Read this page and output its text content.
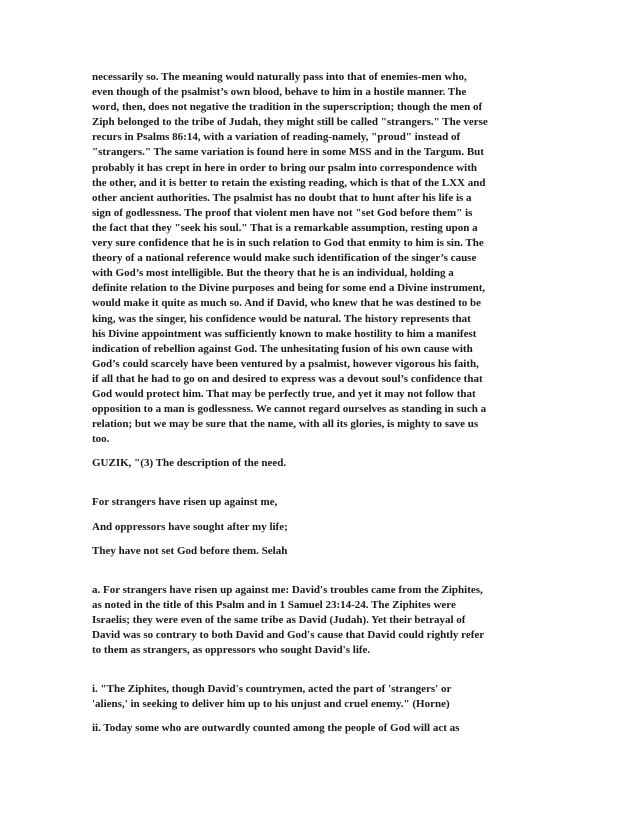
necessarily so. The meaning would naturally pass into that of enemies-men who,
even though of the psalmist’s own blood, behave to him in a hostile manner. The
word, then, does not negative the tradition in the superscription; though the men of
Ziph belonged to the tribe of Judah, they might still be called "strangers." The verse
recurs in Psalms 86:14, with a variation of reading-namely, "proud" instead of
"strangers." The same variation is found here in some MSS and in the Targum. But
probably it has crept in here in order to bring our psalm into correspondence with
the other, and it is better to retain the existing reading, which is that of the LXX and
other ancient authorities. The psalmist has no doubt that to hunt after his life is a
sign of godlessness. The proof that violent men have not "set God before them" is
the fact that they "seek his soul." That is a remarkable assumption, resting upon a
very sure confidence that he is in such relation to God that enmity to him is sin. The
theory of a national reference would make such identification of the singer’s cause
with God’s most intelligible. But the theory that he is an individual, holding a
definite relation to the Divine purposes and being for some end a Divine instrument,
would make it quite as much so. And if David, who knew that he was destined to be
king, was the singer, his confidence would be natural. The history represents that
his Divine appointment was sufficiently known to make hostility to him a manifest
indication of rebellion against God. The unhesitating fusion of his own cause with
God’s could scarcely have been ventured by a psalmist, however vigorous his faith,
if all that he had to go on and desired to express was a devout soul’s confidence that
God would protect him. That may be perfectly true, and yet it may not follow that
opposition to a man is godlessness. We cannot regard ourselves as standing in such a
relation; but we may be sure that the name, with all its glories, is mighty to save us
too.
GUZIK, "(3) The description of the need.
For strangers have risen up against me,
And oppressors have sought after my life;
They have not set God before them. Selah
a. For strangers have risen up against me: David's troubles came from the Ziphites,
as noted in the title of this Psalm and in 1 Samuel 23:14-24. The Ziphites were
Israelis; they were even of the same tribe as David (Judah). Yet their betrayal of
David was so contrary to both David and God's cause that David could rightly refer
to them as strangers, as oppressors who sought David's life.
i. "The Ziphites, though David's countrymen, acted the part of 'strangers' or
'aliens,' in seeking to deliver him up to his unjust and cruel enemy." (Horne)
ii. Today some who are outwardly counted among the people of God will act as
